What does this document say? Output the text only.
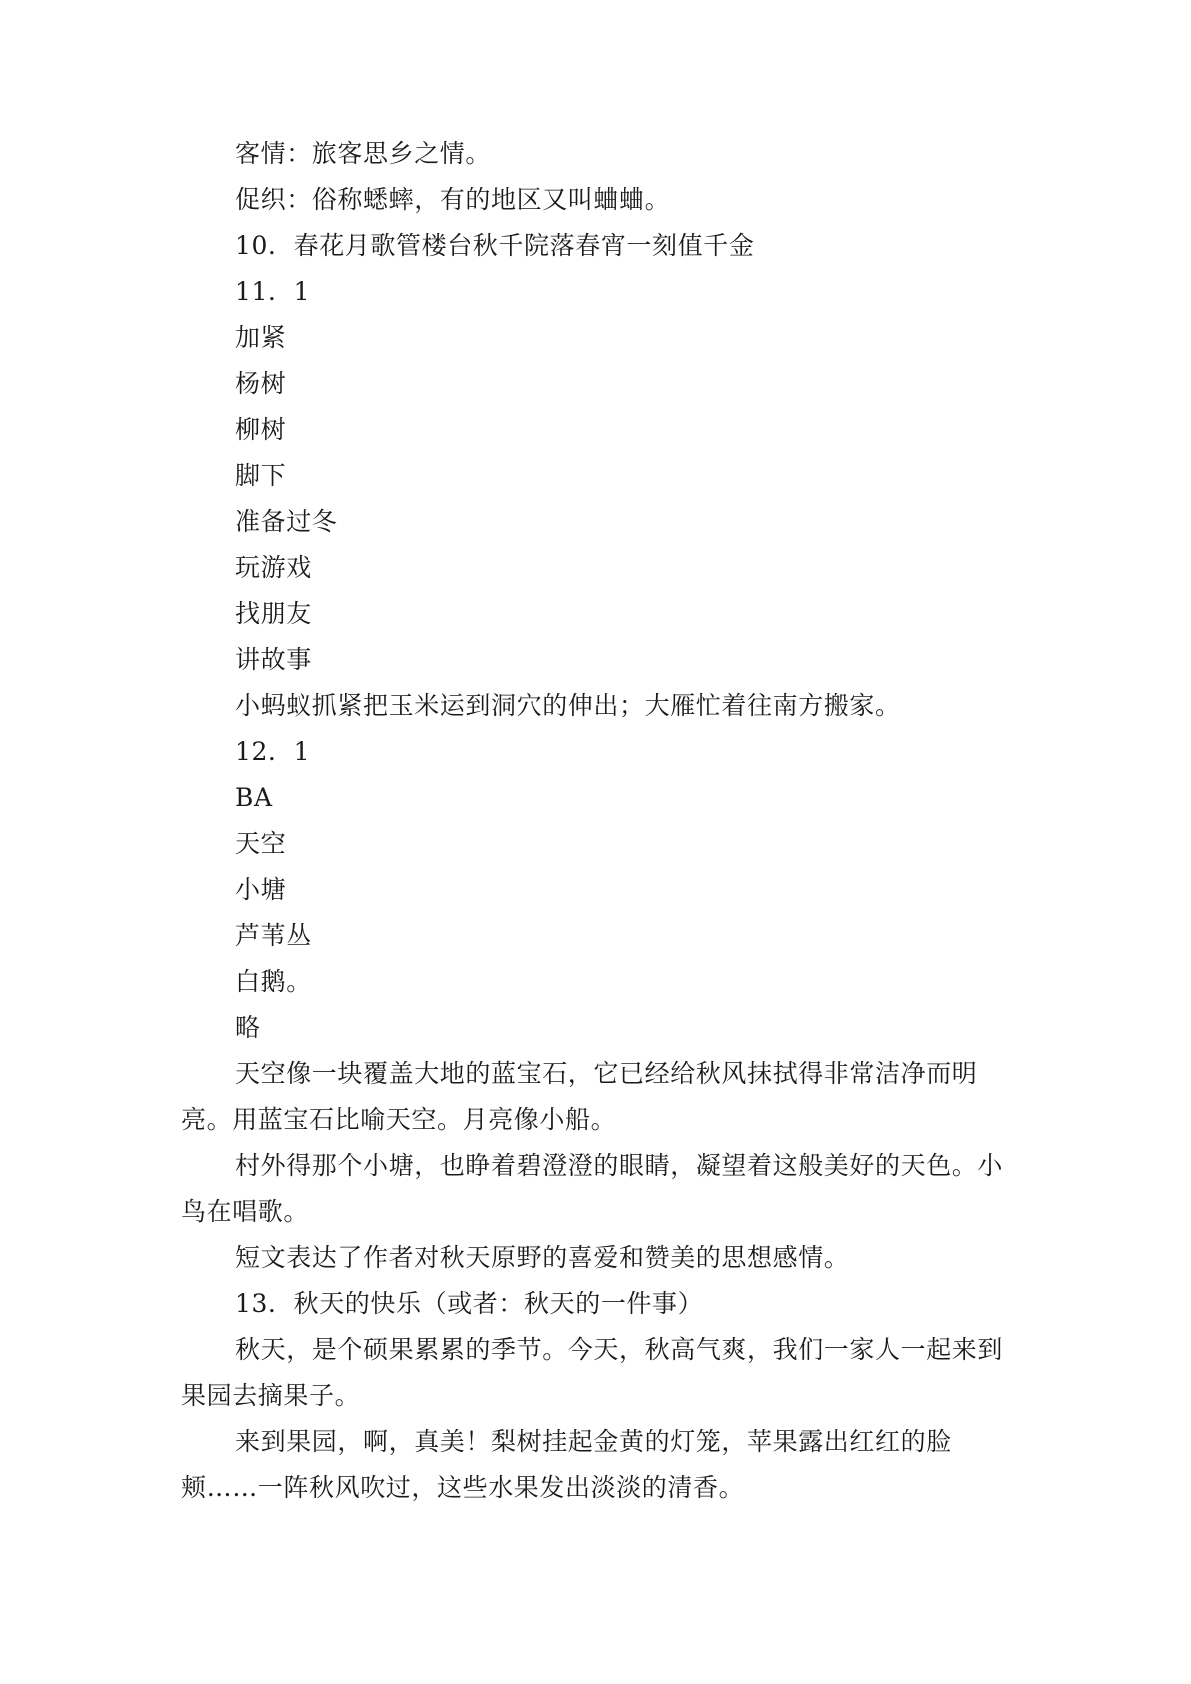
客情：旅客思乡之情。

促织：俗称蟋蟀，有的地区又叫蛐蛐。

10．春花月歌管楼台秋千院落春宵一刻值千金

11．1

加紧

杨树

柳树

脚下

准备过冬

玩游戏

找朋友

讲故事

小蚂蚁抓紧把玉米运到洞穴的伸出；大雁忙着往南方搬家。

12．1

BA

天空

小塘

芦苇丛

白鹅。

略

天空像一块覆盖大地的蓝宝石，它已经给秋风抹拭得非常洁净而明亮。用蓝宝石比喻天空。月亮像小船。

村外得那个小塘，也睁着碧澄澄的眼睛，凝望着这般美好的天色。小鸟在唱歌。

短文表达了作者对秋天原野的喜爱和赞美的思想感情。

13．秋天的快乐（或者：秋天的一件事）

秋天，是个硕果累累的季节。今天，秋高气爽，我们一家人一起来到果园去摘果子。

来到果园，啊，真美！梨树挂起金黄的灯笼，苹果露出红红的脸颊……一阵秋风吹过，这些水果发出淡淡的清香。
